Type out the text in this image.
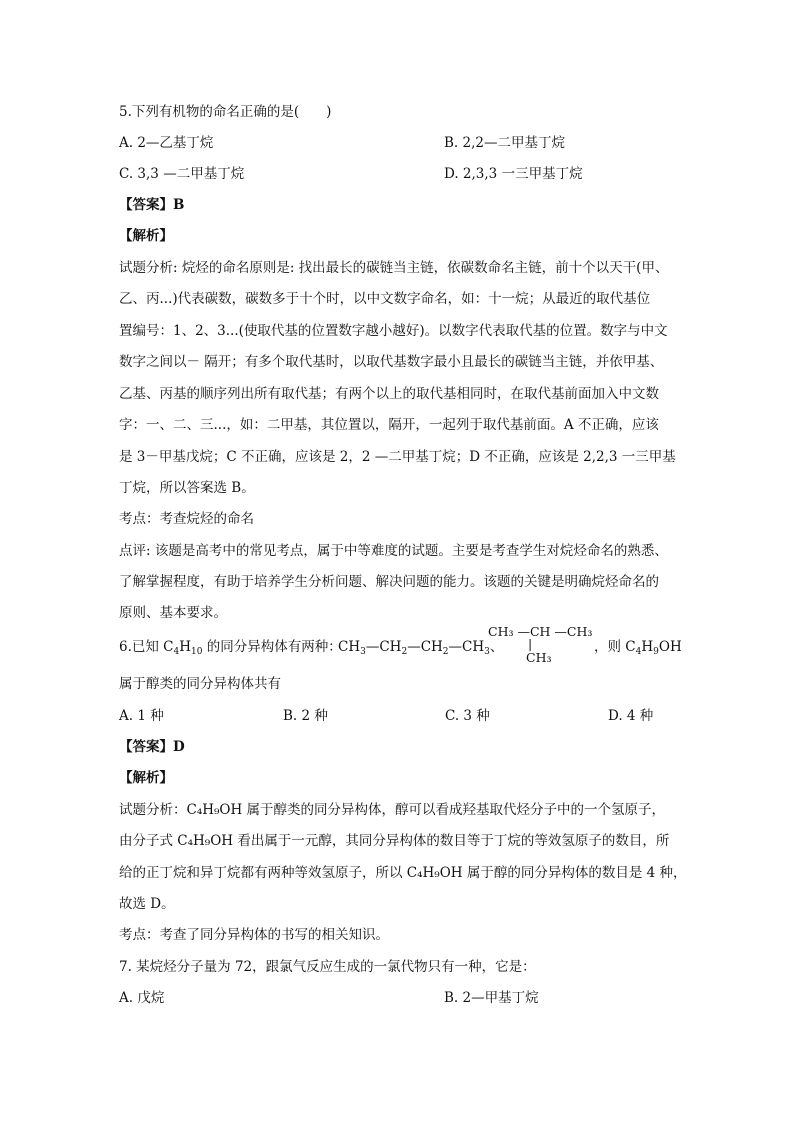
5.下列有机物的命名正确的是(　　)
A. 2—乙基丁烷	B. 2,2—二甲基丁烷
C. 3,3 —二甲基丁烷	D. 2,3,3 一三甲基丁烷
【答案】B
【解析】
试题分析: 烷烃的命名原则是: 找出最长的碳链当主链，依碳数命名主链，前十个以天干(甲、
乙、丙...)代表碳数，碳数多于十个时，以中文数字命名，如：十一烷；从最近的取代基位
置编号：1、2、3...(使取代基的位置数字越小越好)。以数字代表取代基的位置。数字与中文
数字之间以－ 隔开；有多个取代基时，以取代基数字最小且最长的碳链当主链，并依甲基、
乙基、丙基的顺序列出所有取代基；有两个以上的取代基相同时，在取代基前面加入中文数
字：一、二、三...，如：二甲基，其位置以，隔开，一起列于取代基前面。A 不正确，应该
是 3－甲基戊烷；C 不正确，应该是 2，2 —二甲基丁烷；D 不正确，应该是 2,2,3 一三甲基
丁烷，所以答案选 B。
考点：考查烷烃的命名
点评: 该题是高考中的常见考点，属于中等难度的试题。主要是考查学生对烷烃命名的熟悉、
了解掌握程度，有助于培养学生分析问题、解决问题的能力。该题的关键是明确烷烃命名的
原则、基本要求。
6.已知 $C_4H_{10}$ 的同分异构体有两种：
$CH_3—CH_2—CH_2—CH_3$、
CH₃ —CH —CH₃
|
CH₃
，则 $C_4H_9OH$
属于醇类的同分异构体共有
A. 1 种	B. 2 种	C. 3 种	D. 4 种
【答案】D
【解析】
试题分析：C₄H₉OH 属于醇类的同分异构体，醇可以看成羟基取代烃分子中的一个氢原子，
由分子式 C₄H₉OH 看出属于一元醇，其同分异构体的数目等于丁烷的等效氢原子的数目，所
给的正丁烷和异丁烷都有两种等效氢原子，所以 C₄H₉OH 属于醇的同分异构体的数目是 4 种，
故选 D。
考点：考查了同分异构体的书写的相关知识。
7. 某烷烃分子量为 72，跟氯气反应生成的一氯代物只有一种，它是：
A. 戊烷	B. 2—甲基丁烷
